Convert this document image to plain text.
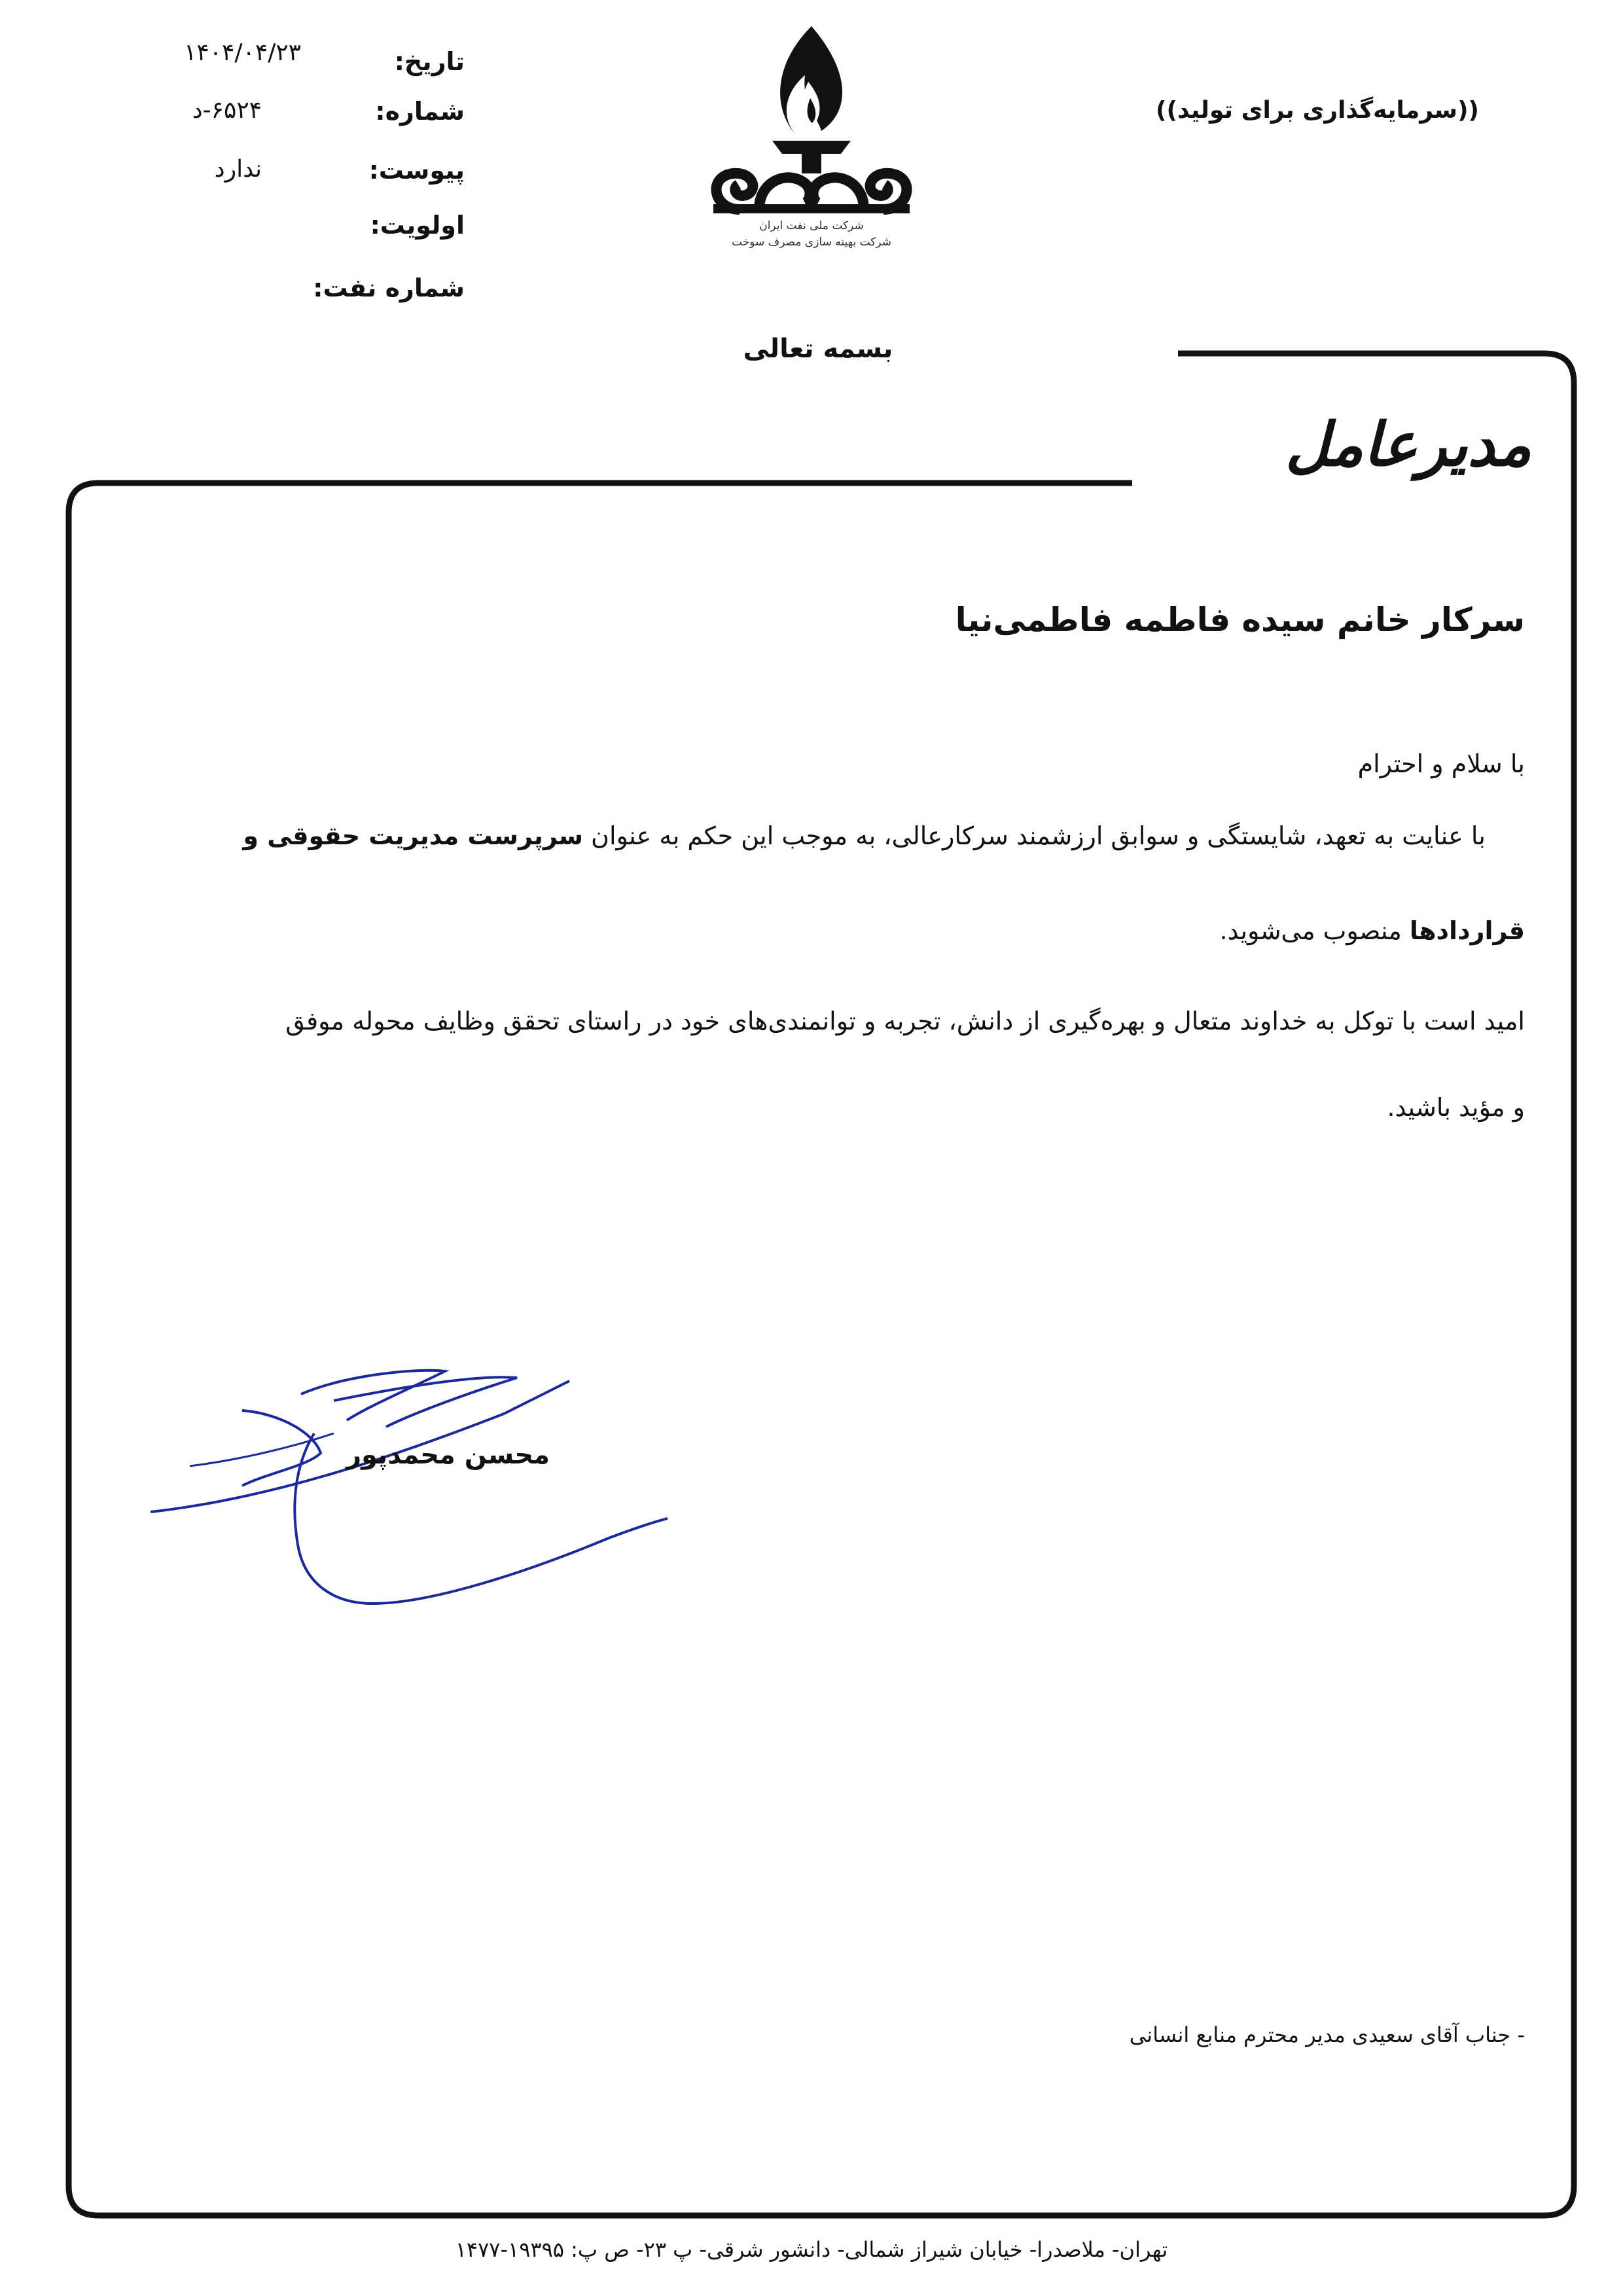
تاریخ:
شماره:
پیوست:
اولویت:
شماره نفت:
۱۴۰۴/۰۴/۲۳
۶۵۲۴-د
ندارد
شرکت ملی نفت ایران
شرکت بهینه سازی مصرف سوخت
((سرمایه‌گذاری برای تولید))
بسمه تعالی
مدیرعامل
سرکار خانم سیده فاطمه فاطمی‌نیا
با سلام و احترام
با عنایت به تعهد، شایستگی و سوابق ارزشمند سرکارعالی، به موجب این حکم به عنوان سرپرست مدیریت حقوقی و
قراردادها منصوب می‌شوید.
امید است با توکل به خداوند متعال و بهره‌گیری از دانش، تجربه و توانمندی‌های خود در راستای تحقق وظایف محوله موفق
و مؤید باشید.
محسن محمدپور
- جناب آقای سعیدی مدیر محترم منابع انسانی
تهران- ملاصدرا- خیابان شیراز شمالی- دانشور شرقی- پ ۲۳- ص پ: ۱۹۳۹۵-۱۴۷۷
